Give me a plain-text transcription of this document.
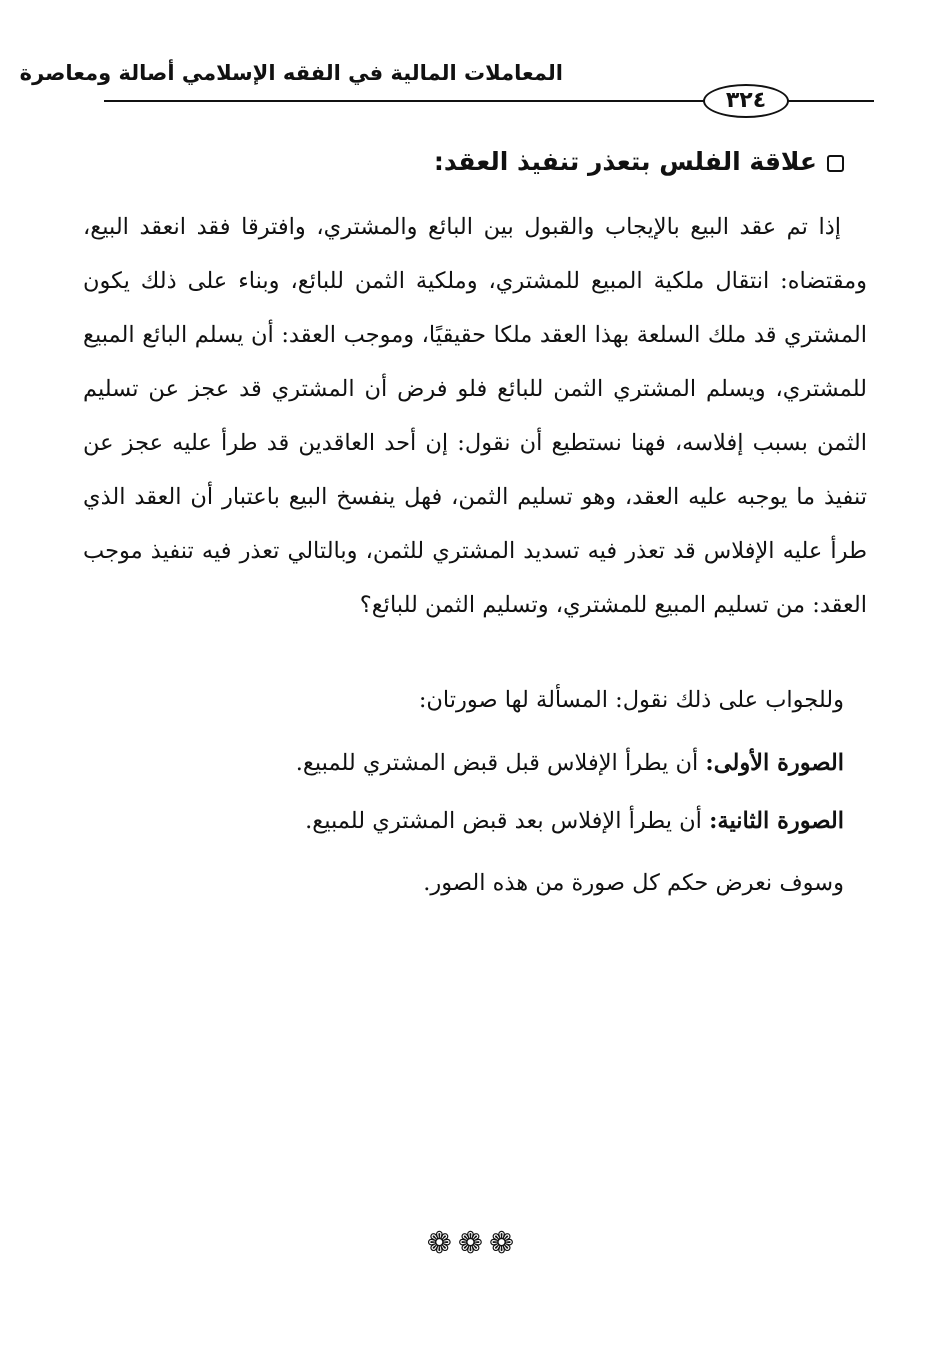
المعاملات المالية في الفقه الإسلامي أصالة ومعاصرة
٣٢٤
علاقة الفلس بتعذر تنفيذ العقد:

إذا تم عقد البيع بالإيجاب والقبول بين البائع والمشتري، وافترقا فقد انعقد البيع، ومقتضاه: انتقال ملكية المبيع للمشتري، وملكية الثمن للبائع، وبناء على ذلك يكون المشتري قد ملك السلعة بهذا العقد ملكا حقيقيًا، وموجب العقد: أن يسلم البائع المبيع للمشتري، ويسلم المشتري الثمن للبائع فلو فرض أن المشتري قد عجز عن تسليم الثمن بسبب إفلاسه، فهنا نستطيع أن نقول: إن أحد العاقدين قد طرأ عليه عجز عن تنفيذ ما يوجبه عليه العقد، وهو تسليم الثمن، فهل ينفسخ البيع باعتبار أن العقد الذي طرأ عليه الإفلاس قد تعذر فيه تسديد المشتري للثمن، وبالتالي تعذر فيه تنفيذ موجب العقد: من تسليم المبيع للمشتري، وتسليم الثمن للبائع؟

وللجواب على ذلك نقول: المسألة لها صورتان:
الصورة الأولى: أن يطرأ الإفلاس قبل قبض المشتري للمبيع.
الصورة الثانية: أن يطرأ الإفلاس بعد قبض المشتري للمبيع.
وسوف نعرض حكم كل صورة من هذه الصور.
❁❁❁
